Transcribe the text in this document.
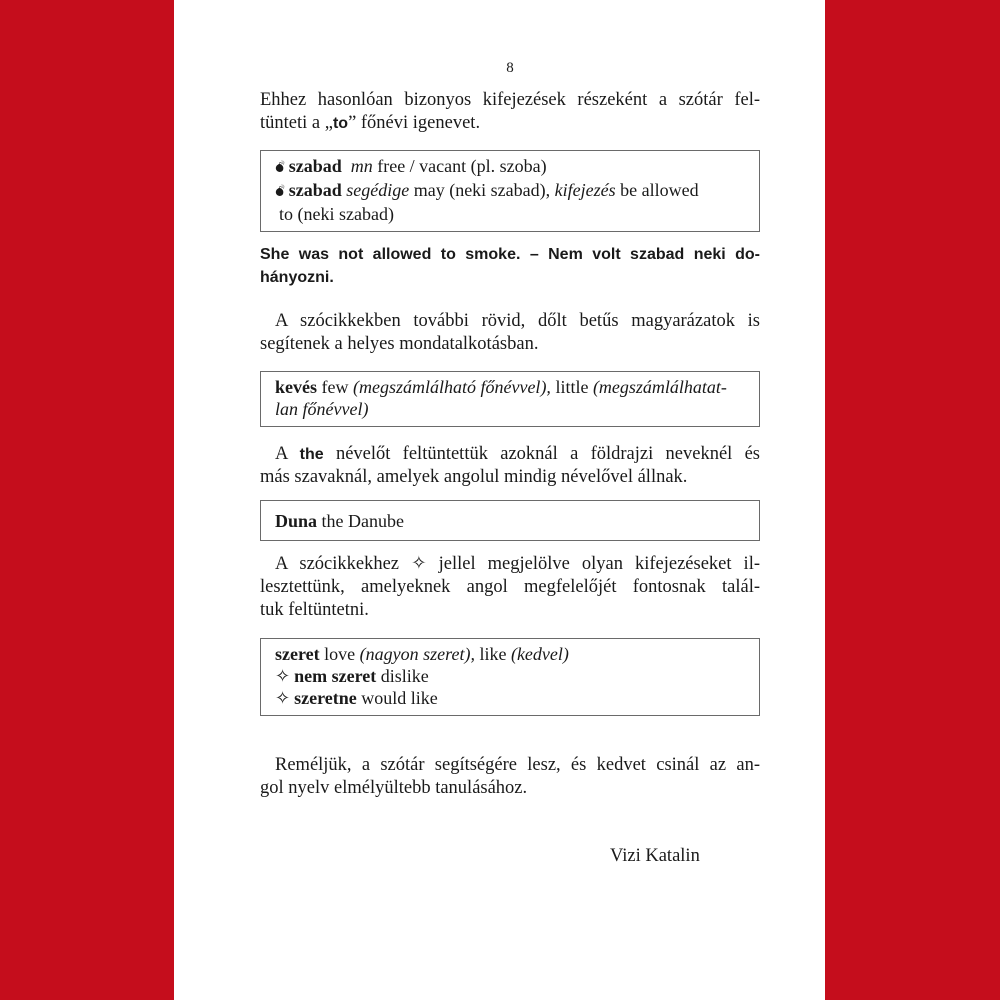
8

Ehhez hasonlóan bizonyos kifejezések részeként a szótár fel-
tünteti a „to” főnévi igenevet.

💣︎ szabad mn free / vacant (pl. szoba)
💣︎ szabad segédige may (neki szabad), kifejezés be allowed
to (neki szabad)

She was not allowed to smoke. – Nem volt szabad neki do-
hányozni.

A szócikkekben további rövid, dőlt betűs magyarázatok is
segítenek a helyes mondatalkotásban.

kevés few (megszámlálható főnévvel), little (megszámlálhatat-
lan főnévvel)

A the névelőt feltüntettük azoknál a földrajzi neveknél és
más szavaknál, amelyek angolul mindig névelővel állnak.

Duna the Danube

A szócikkekhez ✧ jellel megjelölve olyan kifejezéseket il-
lesztettünk, amelyeknek angol megfelelőjét fontosnak talál-
tuk feltüntetni.

szeret love (nagyon szeret), like (kedvel)
✧ nem szeret dislike
✧ szeretne would like

Reméljük, a szótár segítségére lesz, és kedvet csinál az an-
gol nyelv elmélyültebb tanulásához.

Vizi Katalin
